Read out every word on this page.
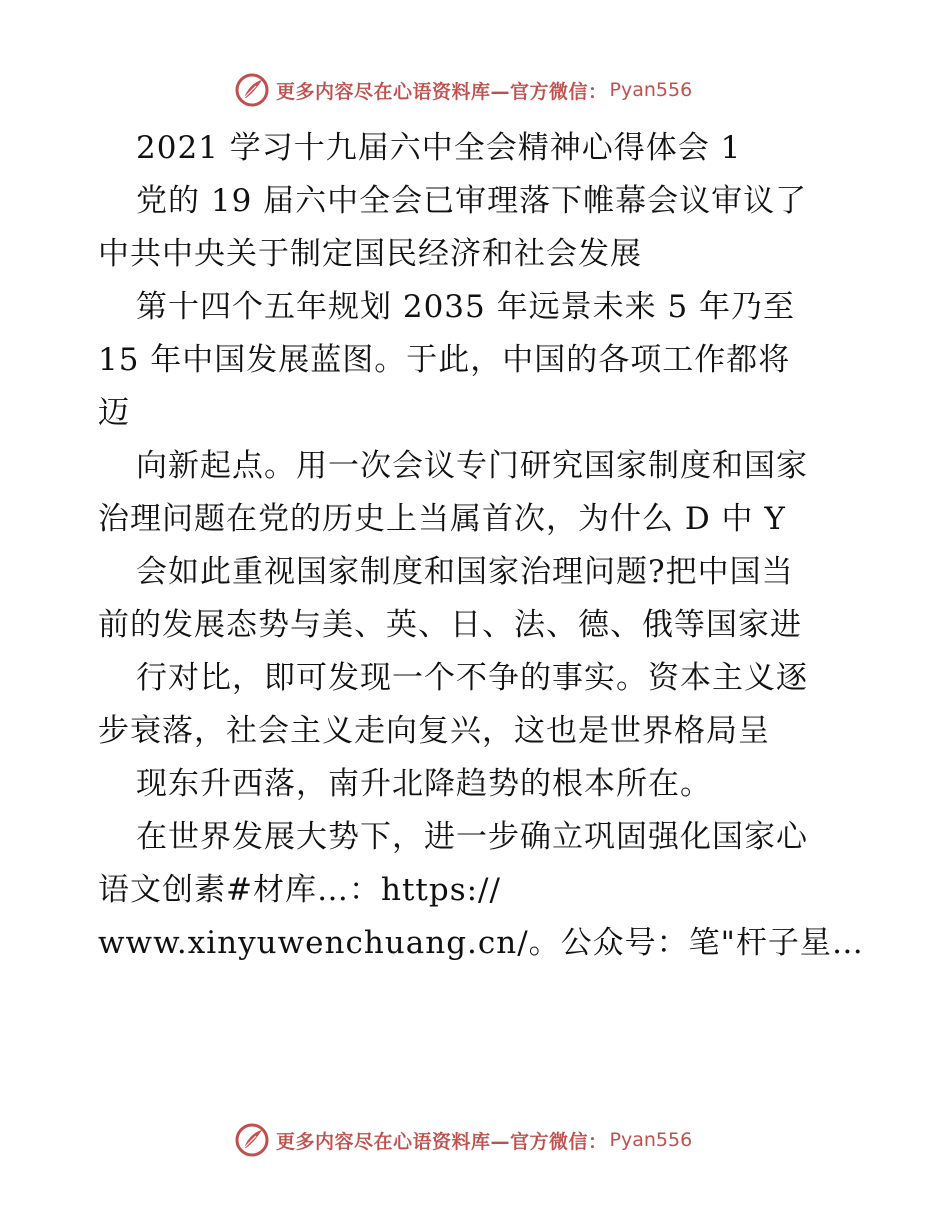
更多内容尽在心语资料库—官方微信： Pyan556
2021 学习十九届六中全会精神心得体会 1
党的 19 届六中全会已审理落下帷幕会议审议了
中共中央关于制定国民经济和社会发展
第十四个五年规划 2035 年远景未来 5 年乃至
15 年中国发展蓝图。于此，中国的各项工作都将
迈
向新起点。用一次会议专门研究国家制度和国家
治理问题在党的历史上当属首次，为什么 D 中 Y
会如此重视国家制度和国家治理问题?把中国当
前的发展态势与美、英、日、法、德、俄等国家进
行对比，即可发现一个不争的事实。资本主义逐
步衰落，社会主义走向复兴，这也是世界格局呈
现东升西落，南升北降趋势的根本所在。
在世界发展大势下，进一步确立巩固强化国家心
语文创素#材库…：https://
www.xinyuwenchuang.cn/。公众号：笔"杆子星…
更多内容尽在心语资料库—官方微信： Pyan556
